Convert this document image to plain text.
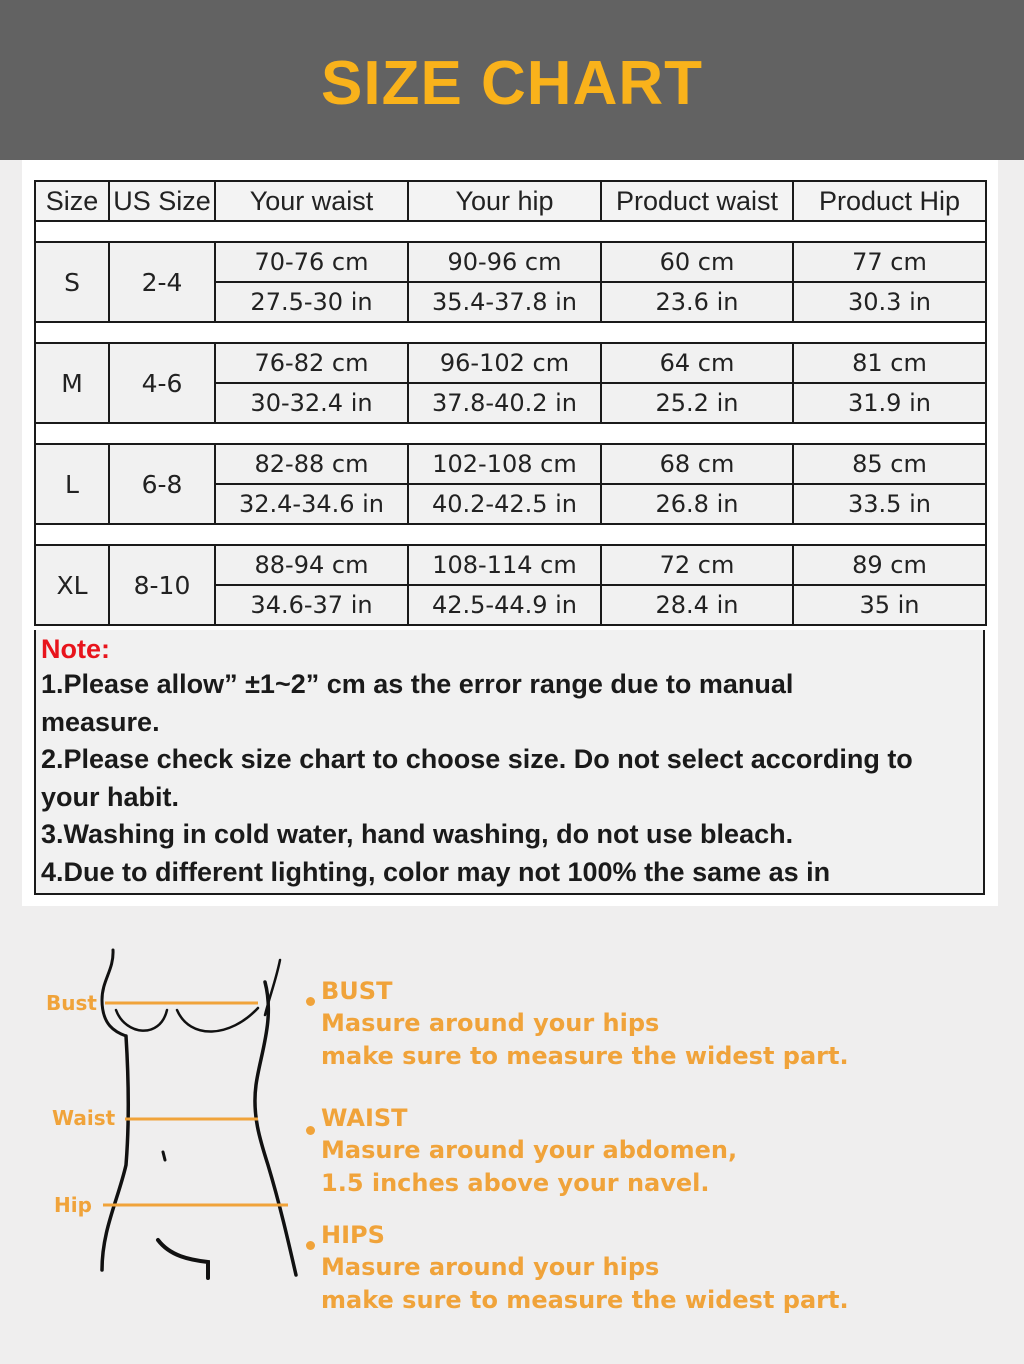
SIZE CHART
Size	US Size	Your waist	Your hip	Product waist	Product Hip

S	2-4	70-76 cm	90-96 cm	60 cm	77 cm
		27.5-30 in	35.4-37.8 in	23.6 in	30.3 in

M	4-6	76-82 cm	96-102 cm	64 cm	81 cm
		30-32.4 in	37.8-40.2 in	25.2 in	31.9 in

L	6-8	82-88 cm	102-108 cm	68 cm	85 cm
		32.4-34.6 in	40.2-42.5 in	26.8 in	33.5 in

XL	8-10	88-94 cm	108-114 cm	72 cm	89 cm
		34.6-37 in	42.5-44.9 in	28.4 in	35 in
Note:
1.Please allow” ±1~2” cm as the error range due to manual
measure.
2.Please check size chart to choose size. Do not select according to
your habit.
3.Washing in cold water, hand washing, do not use bleach.
4.Due to different lighting, color may not 100% the same as in
Bust
Waist
Hip
BUST
Masure around your hips
make sure to measure the widest part.
WAIST
Masure around your abdomen,
1.5 inches above your navel.
HIPS
Masure around your hips
make sure to measure the widest part.
